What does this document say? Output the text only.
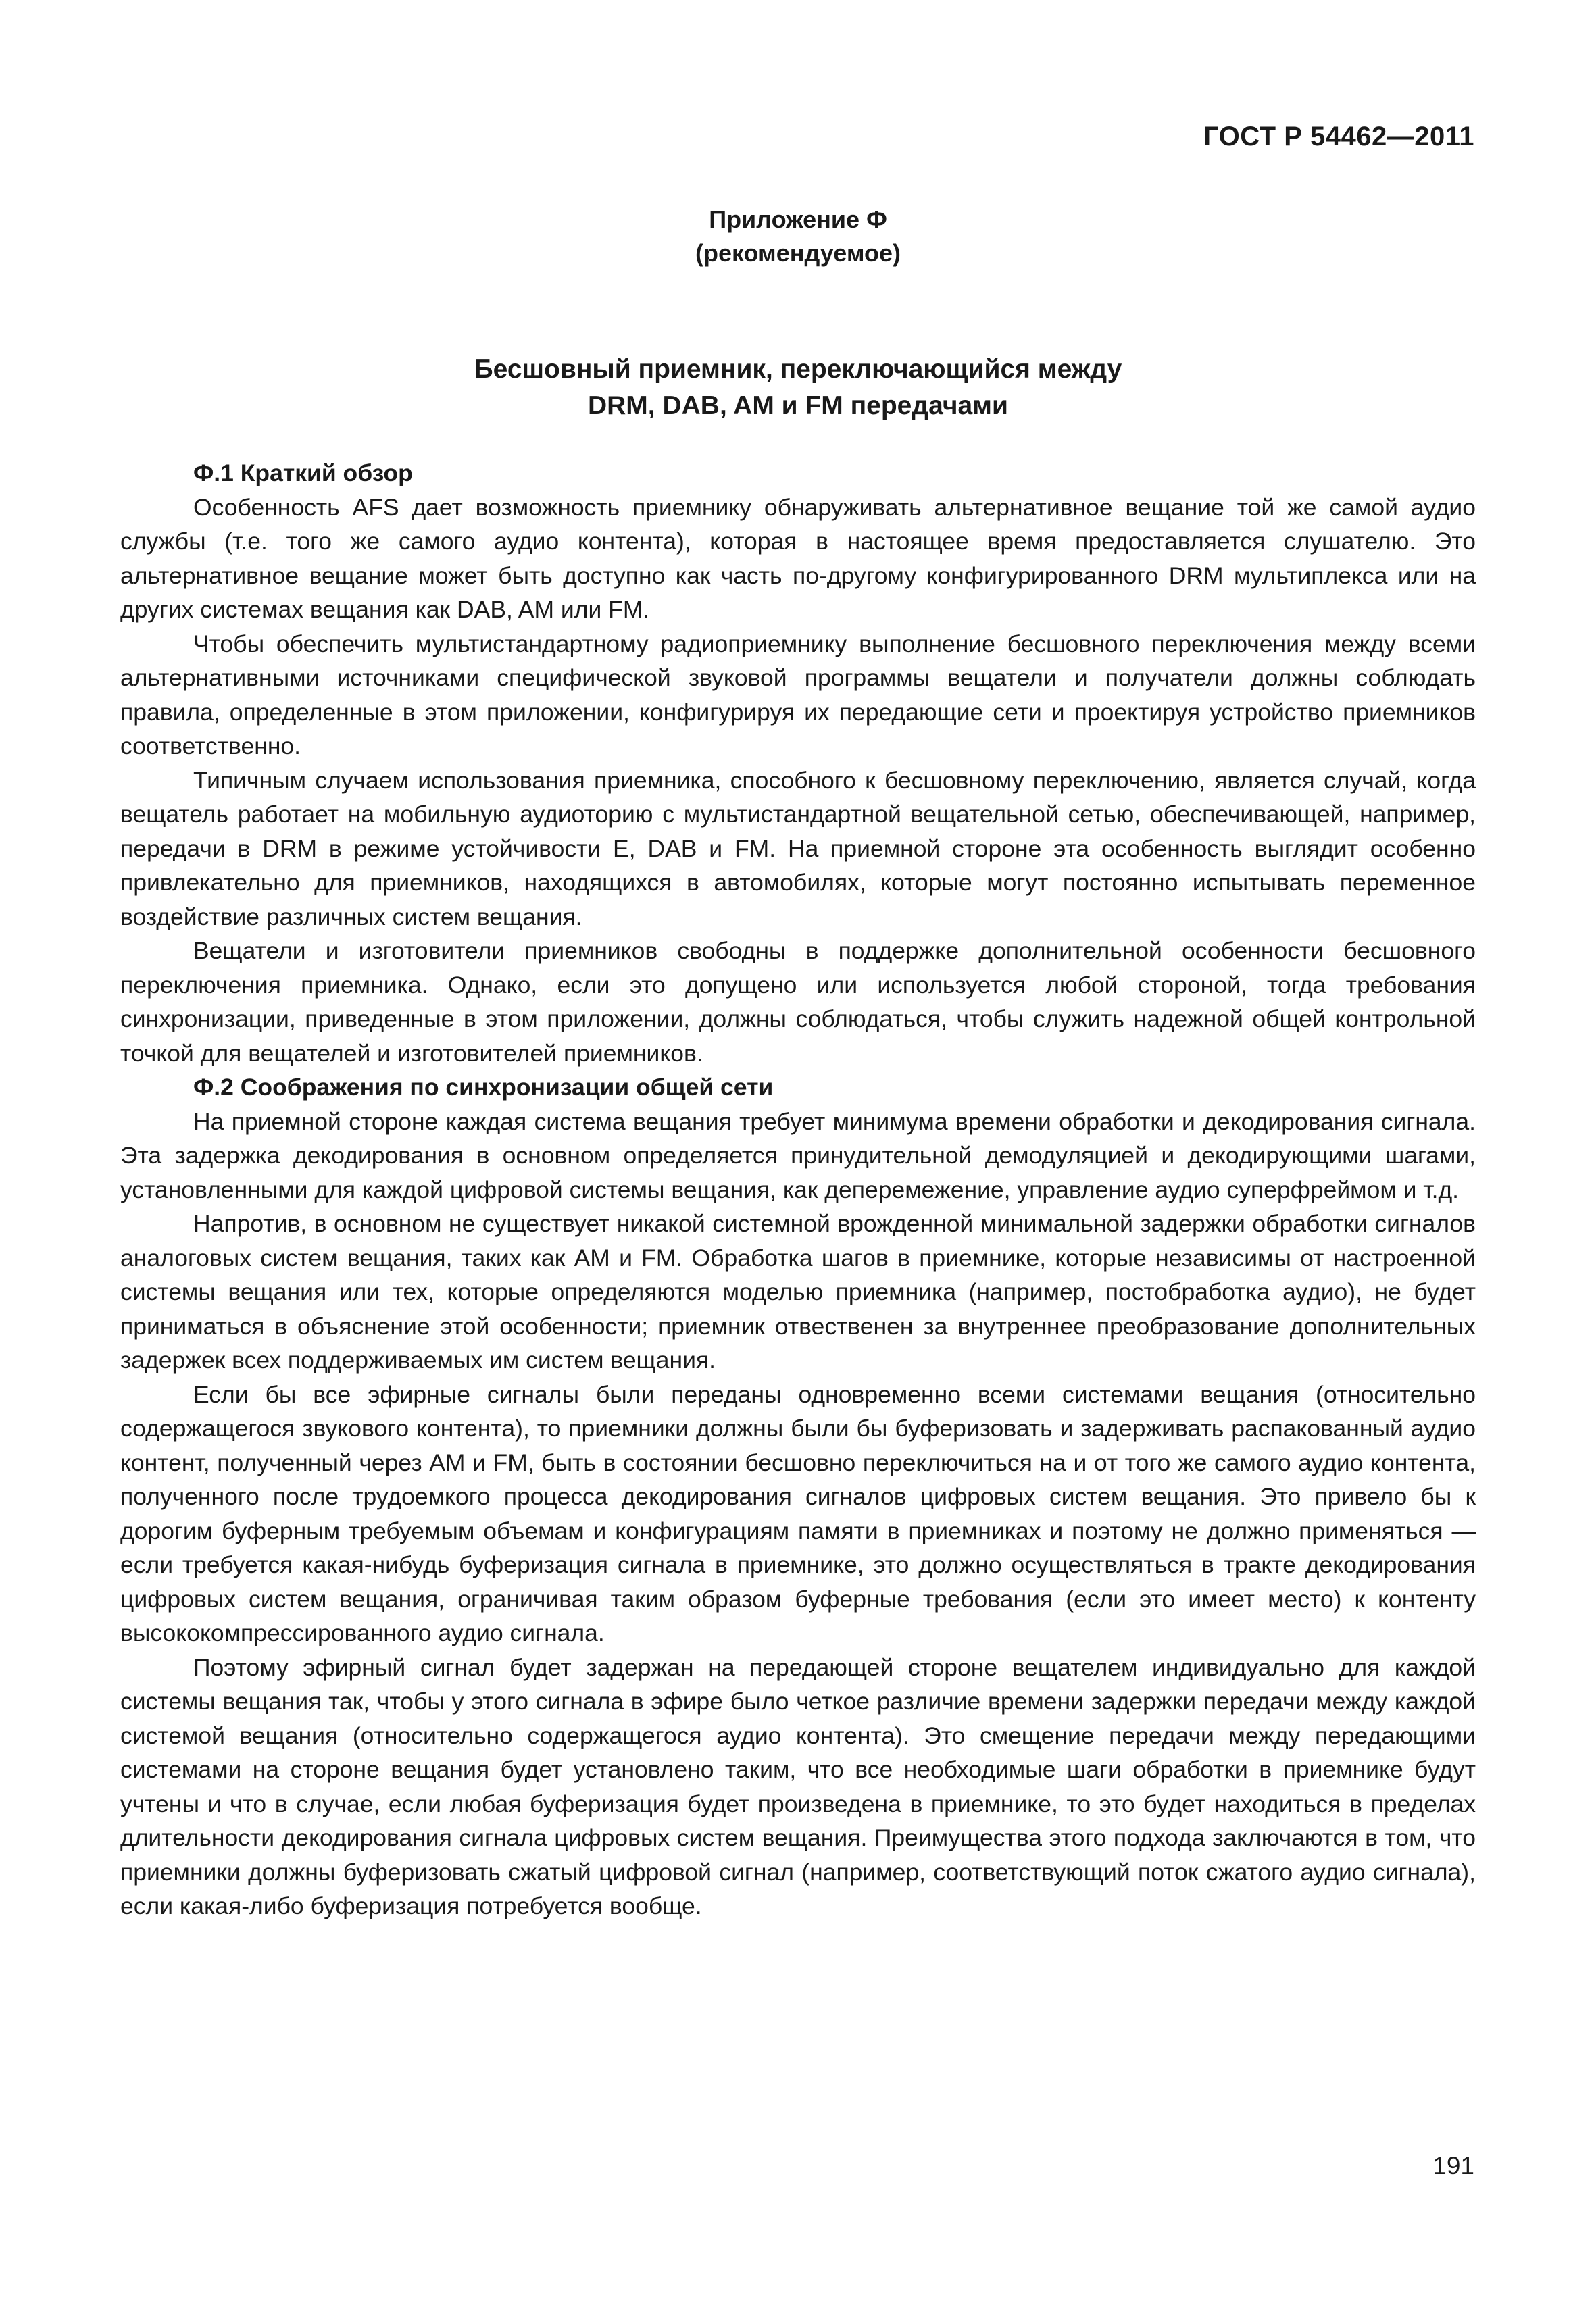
ГОСТ Р 54462—2011
Приложение Ф
(рекомендуемое)
Бесшовный приемник, переключающийся между
DRM, DAB, AM и FM передачами

Ф.1 Краткий обзор

Особенность AFS дает возможность приемнику обнаруживать альтернативное вещание той же самой аудио службы (т.е. того же самого аудио контента), которая в настоящее время предоставляется слушателю. Это альтернативное вещание может быть доступно как часть по-другому конфигурированного DRM мультиплекса или на других системах вещания как DAB, AM или FM.

Чтобы обеспечить мультистандартному радиоприемнику выполнение бесшовного переключения между всеми альтернативными источниками специфической звуковой программы вещатели и получатели должны соблюдать правила, определенные в этом приложении, конфигурируя их передающие сети и проектируя устройство приемников соответственно.

Типичным случаем использования приемника, способного к бесшовному переключению, является случай, когда вещатель работает на мобильную аудиоторию с мультистандартной вещательной сетью, обеспечивающей, например, передачи в DRM в режиме устойчивости E, DAB и FM. На приемной стороне эта особенность выглядит особенно привлекательно для приемников, находящихся в автомобилях, которые могут постоянно испытывать переменное воздействие различных систем вещания.

Вещатели и изготовители приемников свободны в поддержке дополнительной особенности бесшовного переключения приемника. Однако, если это допущено или используется любой стороной, тогда требования синхронизации, приведенные в этом приложении, должны соблюдаться, чтобы служить надежной общей контрольной точкой для вещателей и изготовителей приемников.

Ф.2 Соображения по синхронизации общей сети

На приемной стороне каждая система вещания требует минимума времени обработки и декодирования сигнала. Эта задержка декодирования в основном определяется принудительной демодуляцией и декодирующими шагами, установленными для каждой цифровой системы вещания, как деперемежение, управление аудио суперфреймом и т.д.

Напротив, в основном не существует никакой системной врожденной минимальной задержки обработки сигналов аналоговых систем вещания, таких как AM и FM. Обработка шагов в приемнике, которые независимы от настроенной системы вещания или тех, которые определяются моделью приемника (например, постобработка аудио), не будет приниматься в объяснение этой особенности; приемник отвественен за внутреннее преобразование дополнительных задержек всех поддерживаемых им систем вещания.

Если бы все эфирные сигналы были переданы одновременно всеми системами вещания (относительно содержащегося звукового контента), то приемники должны были бы буферизовать и задерживать распакованный аудио контент, полученный через AM и FM, быть в состоянии бесшовно переключиться на и от того же самого аудио контента, полученного после трудоемкого процесса декодирования сигналов цифровых систем вещания. Это привело бы к дорогим буферным требуемым объемам и конфигурациям памяти в приемниках и поэтому не должно применяться — если требуется какая-нибудь буферизация сигнала в приемнике, это должно осуществляться в тракте декодирования цифровых систем вещания, ограничивая таким образом буферные требования (если это имеет место) к контенту высококомпрессированного аудио сигнала.

Поэтому эфирный сигнал будет задержан на передающей стороне вещателем индивидуально для каждой системы вещания так, чтобы у этого сигнала в эфире было четкое различие времени задержки передачи между каждой системой вещания (относительно содержащегося аудио контента). Это смещение передачи между передающими системами на стороне вещания будет установлено таким, что все необходимые шаги обработки в приемнике будут учтены и что в случае, если любая буферизация будет произведена в приемнике, то это будет находиться в пределах длительности декодирования сигнала цифровых систем вещания. Преимущества этого подхода заключаются в том, что приемники должны буферизовать сжатый цифровой сигнал (например, соответствующий поток сжатого аудио сигнала), если какая-либо буферизация потребуется вообще.

191
